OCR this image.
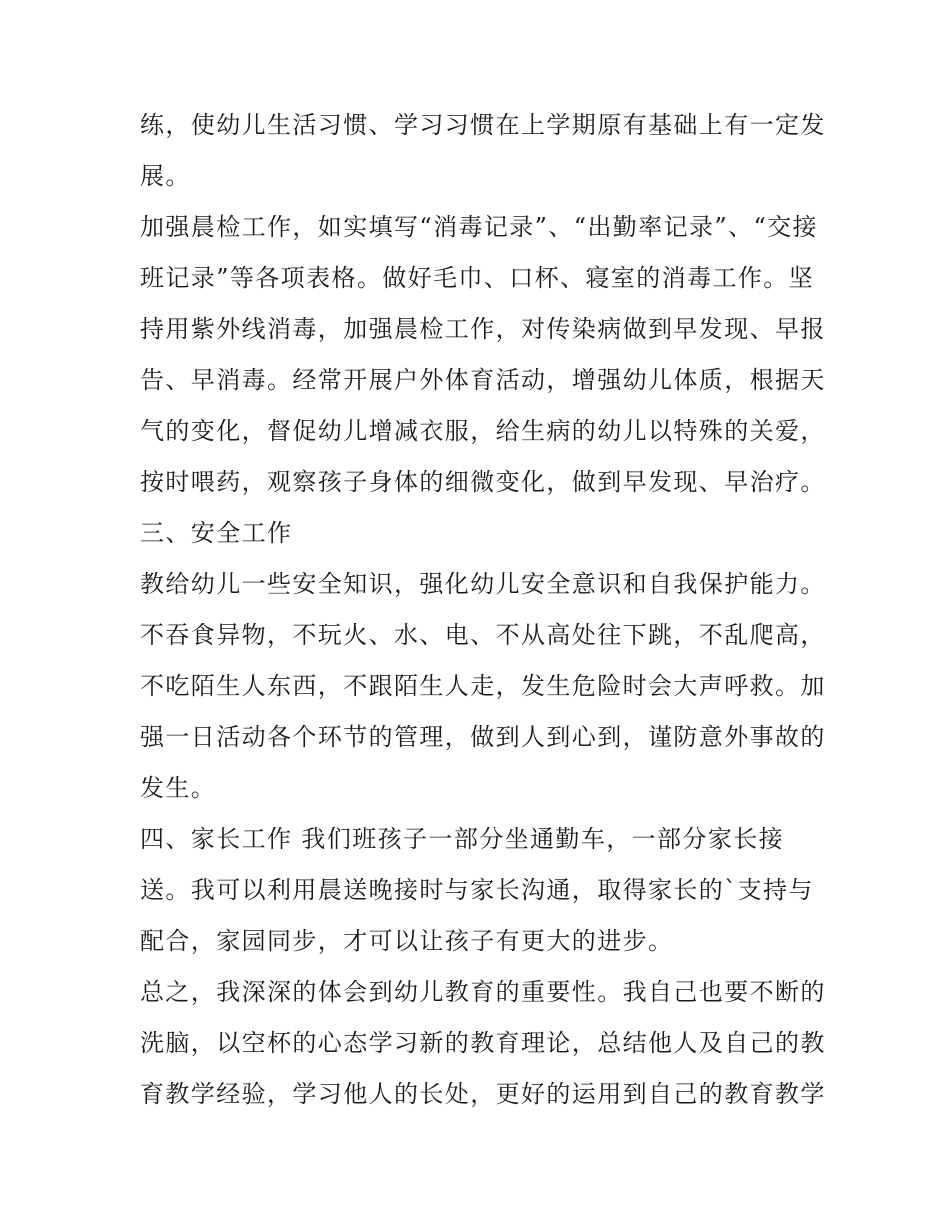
练，使幼儿生活习惯、学习习惯在上学期原有基础上有一定发
展。
加强晨检工作，如实填写“消毒记录”、“出勤率记录”、“交接
班记录”等各项表格。做好毛巾、口杯、寝室的消毒工作。坚
持用紫外线消毒，加强晨检工作，对传染病做到早发现、早报
告、早消毒。经常开展户外体育活动，增强幼儿体质，根据天
气的变化，督促幼儿增减衣服，给生病的幼儿以特殊的关爱，
按时喂药，观察孩子身体的细微变化，做到早发现、早治疗。
三、安全工作
教给幼儿一些安全知识，强化幼儿安全意识和自我保护能力。
不吞食异物，不玩火、水、电、不从高处往下跳，不乱爬高，
不吃陌生人东西，不跟陌生人走，发生危险时会大声呼救。加
强一日活动各个环节的管理，做到人到心到，谨防意外事故的
发生。
四、家长工作 我们班孩子一部分坐通勤车，一部分家长接
送。我可以利用晨送晚接时与家长沟通，取得家长的`支持与
配合，家园同步，才可以让孩子有更大的进步。
总之，我深深的体会到幼儿教育的重要性。我自己也要不断的
洗脑，以空杯的心态学习新的教育理论，总结他人及自己的教
育教学经验，学习他人的长处，更好的运用到自己的教育教学
